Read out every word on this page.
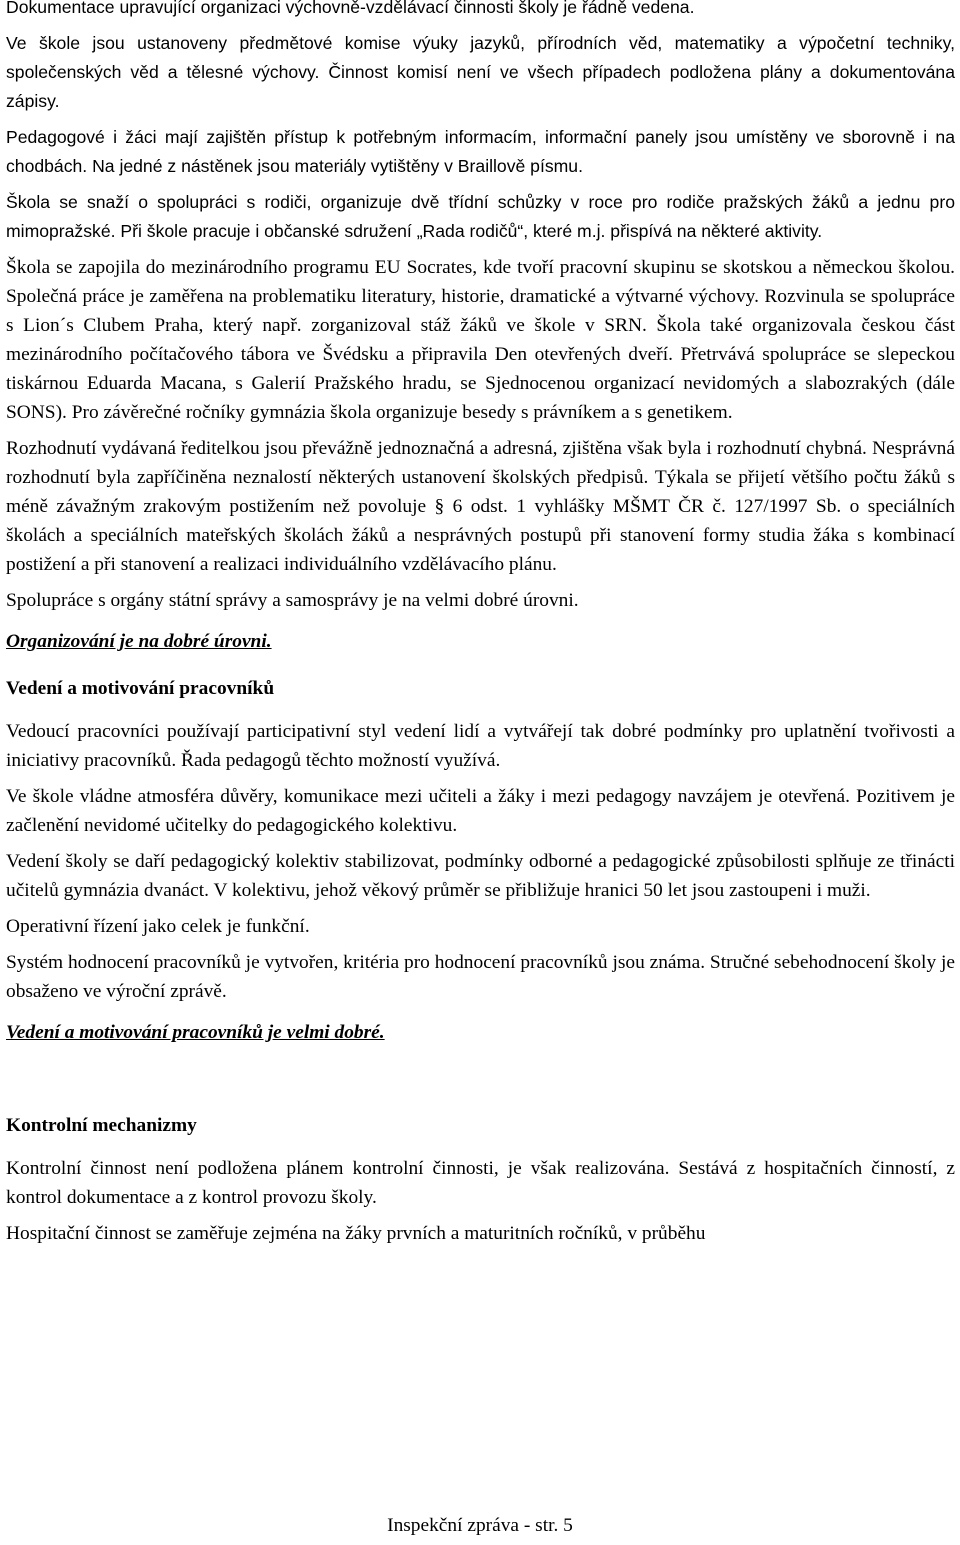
Dokumentace upravující organizaci výchovně-vzdělávací činnosti školy je řádně vedena.

Ve škole jsou ustanoveny předmětové komise výuky jazyků, přírodních věd, matematiky a výpočetní techniky, společenských věd a tělesné výchovy. Činnost komisí není ve všech případech podložena plány a dokumentována zápisy.

Pedagogové i žáci mají zajištěn přístup k potřebným informacím, informační panely jsou umístěny ve sborovně i na chodbách. Na jedné z nástěnek jsou materiály vytištěny v Braillově písmu.

Škola se snaží o spolupráci s rodiči, organizuje dvě třídní schůzky v roce pro rodiče pražských žáků a jednu pro mimopražské. Při škole pracuje i občanské sdružení „Rada rodičů“, které m.j. přispívá na některé aktivity.

Škola se zapojila do mezinárodního programu EU Socrates, kde tvoří pracovní skupinu se skotskou a německou školou. Společná práce je zaměřena na problematiku literatury, historie, dramatické a výtvarné výchovy. Rozvinula se spolupráce s Lion´s Clubem Praha, který např. zorganizoval stáž žáků ve škole v SRN. Škola také organizovala českou část mezinárodního počítačového tábora ve Švédsku a připravila Den otevřených dveří. Přetrvává spolupráce se slepeckou tiskárnou Eduarda Macana, s Galerií Pražského hradu, se Sjednocenou organizací nevidomých a slabozrakých (dále SONS). Pro závěrečné ročníky gymnázia škola organizuje besedy s právníkem a s genetikem.

Rozhodnutí vydávaná ředitelkou jsou převážně jednoznačná a adresná, zjištěna však byla i rozhodnutí chybná. Nesprávná rozhodnutí byla zapříčiněna neznalostí některých ustanovení školských předpisů. Týkala se přijetí většího počtu žáků s méně závažným zrakovým postižením než povoluje § 6 odst. 1 vyhlášky MŠMT ČR č. 127/1997 Sb. o speciálních školách a speciálních mateřských školách žáků a nesprávných postupů při stanovení formy studia žáka s kombinací postižení a při stanovení a realizaci individuálního vzdělávacího plánu.

Spolupráce s orgány státní správy a samosprávy je na velmi dobré úrovni.

Organizování je na dobré úrovni.

Vedení a motivování pracovníků

Vedoucí pracovníci používají participativní styl vedení lidí a vytvářejí tak dobré podmínky pro uplatnění tvořivosti a iniciativy pracovníků. Řada pedagogů těchto možností využívá.

Ve škole vládne atmosféra důvěry, komunikace mezi učiteli a žáky i mezi pedagogy navzájem je otevřená. Pozitivem je začlenění nevidomé učitelky do pedagogického kolektivu.

Vedení školy se daří pedagogický kolektiv stabilizovat, podmínky odborné a pedagogické způsobilosti splňuje ze třinácti učitelů gymnázia dvanáct. V kolektivu, jehož věkový průměr se přibližuje hranici 50 let jsou zastoupeni i muži.

Operativní řízení jako celek je funkční.

Systém hodnocení pracovníků je vytvořen, kritéria pro hodnocení pracovníků jsou známa. Stručné sebehodnocení školy je obsaženo ve výroční zprávě.

Vedení a motivování pracovníků je velmi dobré.

Kontrolní mechanizmy

Kontrolní činnost není podložena plánem kontrolní činnosti, je však realizována. Sestává z hospitačních činností, z kontrol dokumentace a z kontrol provozu školy.

Hospitační činnost se zaměřuje zejména na žáky prvních a maturitních ročníků, v průběhu

Inspekční zpráva - str. 5
